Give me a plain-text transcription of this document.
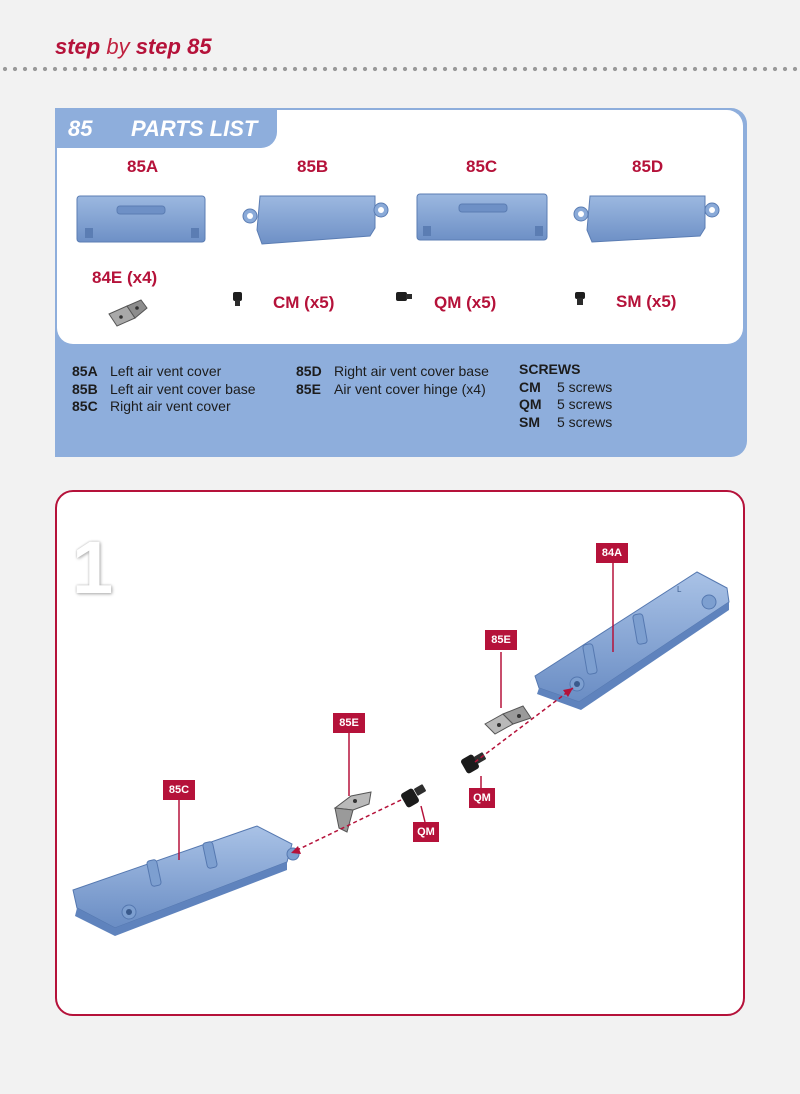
step by step 85
85 PARTS LIST
85A	85B	85C	85D
84E (x4)
CM (x5)	QM (x5)	SM (x5)
85A Left air vent cover
85B Left air vent cover base
85C Right air vent cover
85D Right air vent cover base
85E Air vent cover hinge (x4)
SCREWS
CM 5 screws
QM 5 screws
SM 5 screws
1	L
84A
85E
85E
85C
QM
QM
